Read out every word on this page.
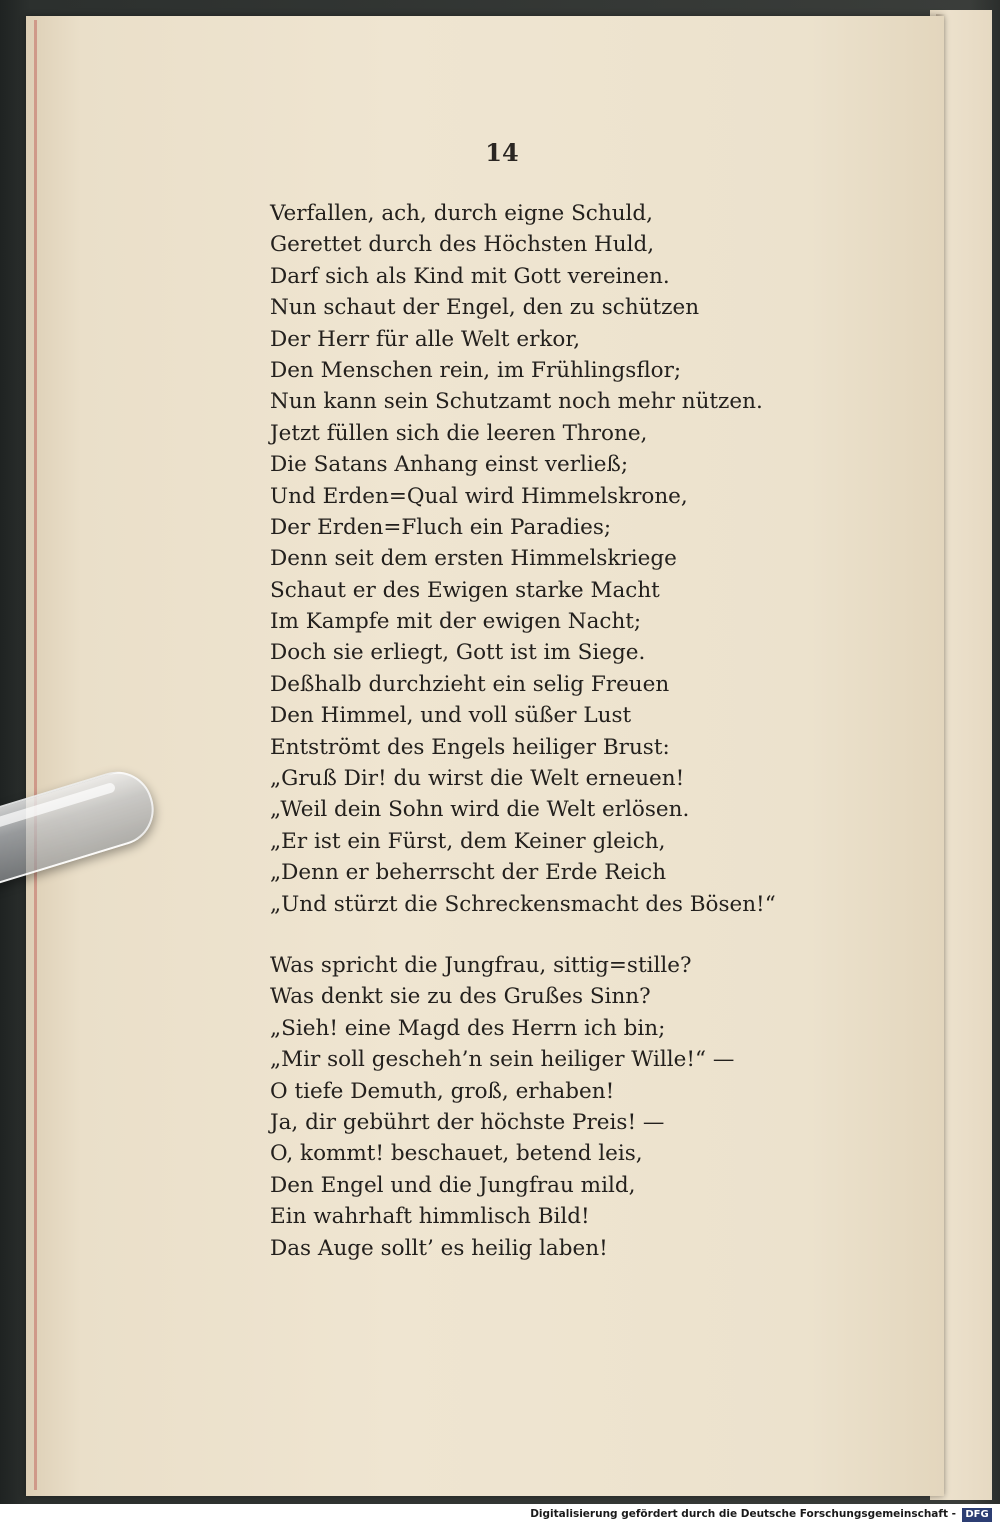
14
Verfallen, ach, durch eigne Schuld,
Gerettet durch des Höchsten Huld,
Darf sich als Kind mit Gott vereinen.
Nun schaut der Engel, den zu schützen
Der Herr für alle Welt erkor,
Den Menschen rein, im Frühlingsflor;
Nun kann sein Schutzamt noch mehr nützen.
Jetzt füllen sich die leeren Throne,
Die Satans Anhang einst verließ;
Und Erden=Qual wird Himmelskrone,
Der Erden=Fluch ein Paradies;
Denn seit dem ersten Himmelskriege
Schaut er des Ewigen starke Macht
Im Kampfe mit der ewigen Nacht;
Doch sie erliegt, Gott ist im Siege.
Deßhalb durchzieht ein selig Freuen
Den Himmel, und voll süßer Lust
Entströmt des Engels heiliger Brust:
„Gruß Dir! du wirst die Welt erneuen!
„Weil dein Sohn wird die Welt erlösen.
„Er ist ein Fürst, dem Keiner gleich,
„Denn er beherrscht der Erde Reich
„Und stürzt die Schreckensmacht des Bösen!“
Was spricht die Jungfrau, sittig=stille?
Was denkt sie zu des Grußes Sinn?
„Sieh! eine Magd des Herrn ich bin;
„Mir soll gescheh’n sein heiliger Wille!“ —
O tiefe Demuth, groß, erhaben!
Ja, dir gebührt der höchste Preis! —
O, kommt! beschauet, betend leis,
Den Engel und die Jungfrau mild,
Ein wahrhaft himmlisch Bild!
Das Auge sollt’ es heilig laben!
Digitalisierung gefördert durch die Deutsche Forschungsgemeinschaft - DFG
